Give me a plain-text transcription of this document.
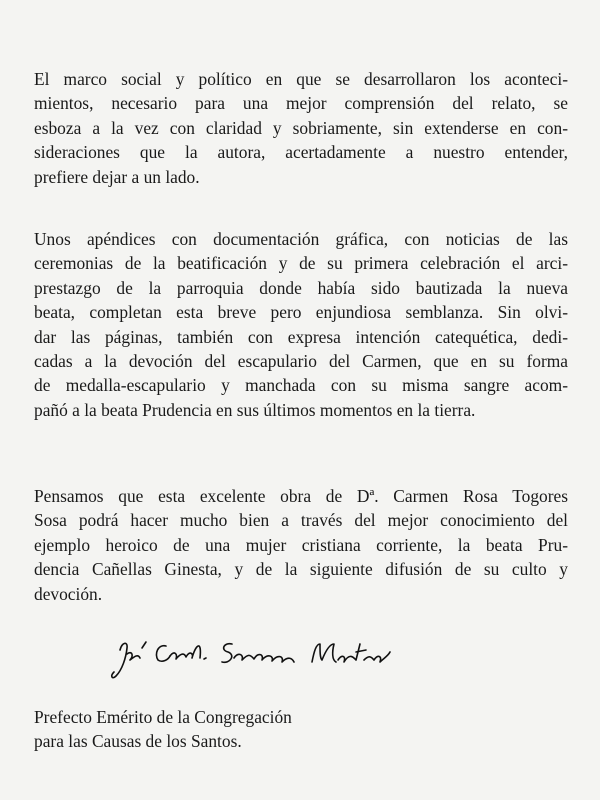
El marco social y político en que se desarrollaron los aconteci-
mientos, necesario para una mejor comprensión del relato, se
esboza a la vez con claridad y sobriamente, sin extenderse en con-
sideraciones que la autora, acertadamente a nuestro entender,
prefiere dejar a un lado.
Unos apéndices con documentación gráfica, con noticias de las
ceremonias de la beatificación y de su primera celebración el arci-
prestazgo de la parroquia donde había sido bautizada la nueva
beata, completan esta breve pero enjundiosa semblanza. Sin olvi-
dar las páginas, también con expresa intención catequética, dedi-
cadas a la devoción del escapulario del Carmen, que en su forma
de medalla-escapulario y manchada con su misma sangre acom-
pañó a la beata Prudencia en sus últimos momentos en la tierra.
Pensamos que esta excelente obra de Dª. Carmen Rosa Togores
Sosa podrá hacer mucho bien a través del mejor conocimiento del
ejemplo heroico de una mujer cristiana corriente, la beata Pru-
dencia Cañellas Ginesta, y de la siguiente difusión de su culto y
devoción.
Prefecto Emérito de la Congregación
para las Causas de los Santos.
